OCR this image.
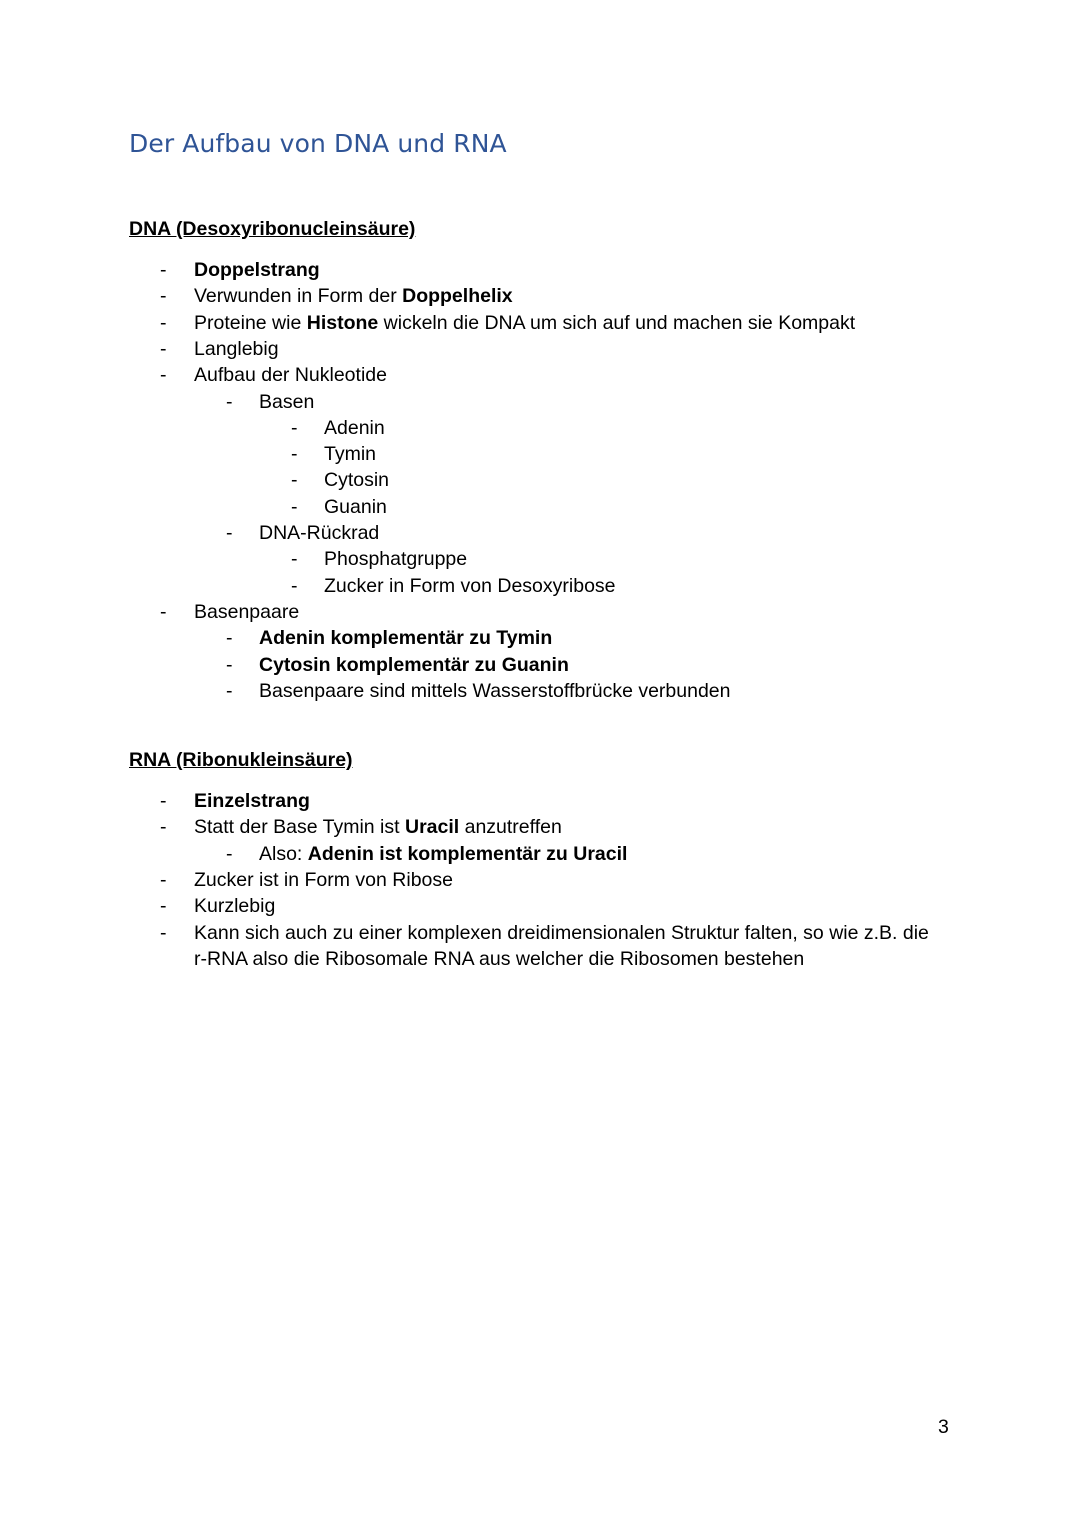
Der Aufbau von DNA und RNA
DNA (Desoxyribonucleinsäure)
- Doppelstrang
- Verwunden in Form der Doppelhelix
- Proteine wie Histone wickeln die DNA um sich auf und machen sie Kompakt
- Langlebig
- Aufbau der Nukleotide
- Basen
- Adenin
- Tymin
- Cytosin
- Guanin
- DNA-Rückrad
- Phosphatgruppe
- Zucker in Form von Desoxyribose
- Basenpaare
- Adenin komplementär zu Tymin
- Cytosin komplementär zu Guanin
- Basenpaare sind mittels Wasserstoffbrücke verbunden
RNA (Ribonukleinsäure)
- Einzelstrang
- Statt der Base Tymin ist Uracil anzutreffen
- Also: Adenin ist komplementär zu Uracil
- Zucker ist in Form von Ribose
- Kurzlebig
- Kann sich auch zu einer komplexen dreidimensionalen Struktur falten, so wie z.B. die
r-RNA also die Ribosomale RNA aus welcher die Ribosomen bestehen
3
